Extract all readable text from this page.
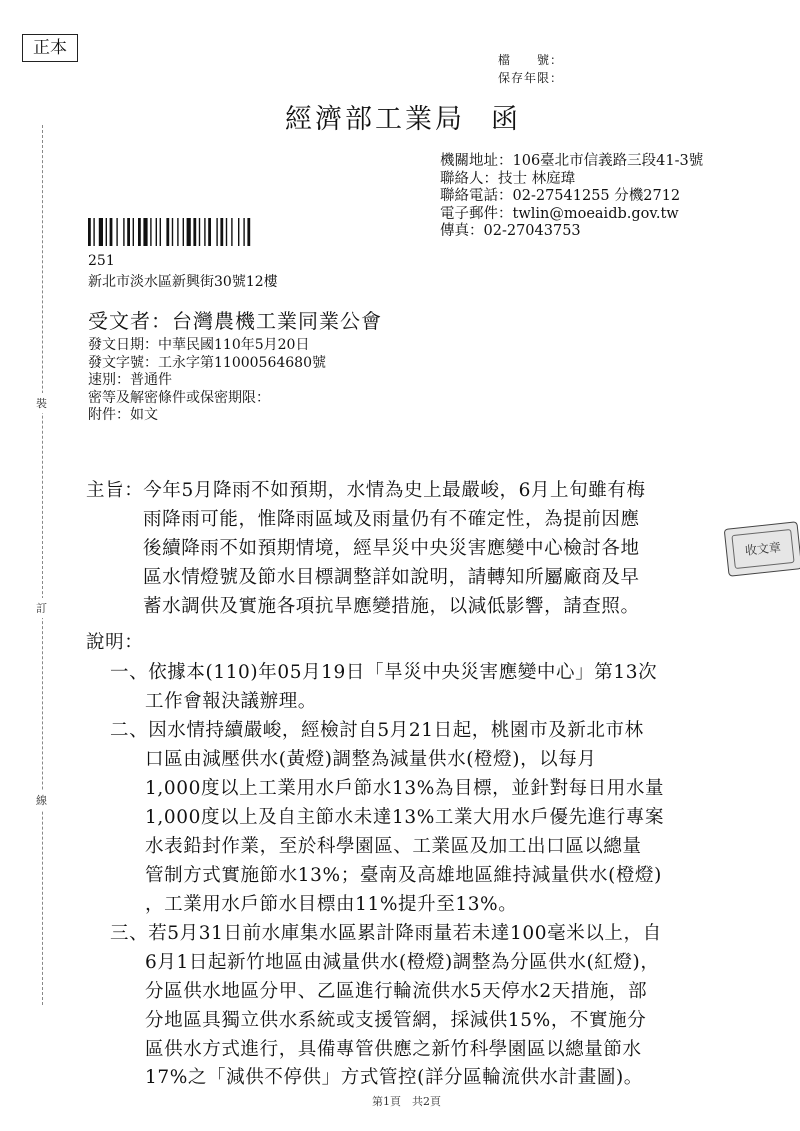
正本
檔　　號：
保存年限：
經濟部工業局 函
機關地址：106臺北市信義路三段41-3號
聯絡人：技士 林庭瑋
聯絡電話：02-27541255 分機2712
電子郵件：twlin@moeaidb.gov.tw
傳真：02-27043753
251
新北市淡水區新興街30號12樓
受文者：台灣農機工業同業公會
發文日期：中華民國110年5月20日
發文字號：工永字第11000564680號
速別：普通件
密等及解密條件或保密期限：
附件：如文
裝
訂
線
主旨：今年5月降雨不如預期，水情為史上最嚴峻，6月上旬雖有梅
雨降雨可能，惟降雨區域及雨量仍有不確定性，為提前因應
後續降雨不如預期情境，經旱災中央災害應變中心檢討各地
區水情燈號及節水目標調整詳如說明，請轉知所屬廠商及早
蓄水調供及實施各項抗旱應變措施，以減低影響，請查照。
說明：
一、依據本(110)年05月19日「旱災中央災害應變中心」第13次
工作會報決議辦理。
二、因水情持續嚴峻，經檢討自5月21日起，桃園市及新北市林
口區由減壓供水(黃燈)調整為減量供水(橙燈)，以每月
1,000度以上工業用水戶節水13%為目標，並針對每日用水量
1,000度以上及自主節水未達13%工業大用水戶優先進行專案
水表鉛封作業，至於科學園區、工業區及加工出口區以總量
管制方式實施節水13%；臺南及高雄地區維持減量供水(橙燈)
，工業用水戶節水目標由11%提升至13%。
三、若5月31日前水庫集水區累計降雨量若未達100毫米以上，自
6月1日起新竹地區由減量供水(橙燈)調整為分區供水(紅燈)，
分區供水地區分甲、乙區進行輪流供水5天停水2天措施，部
分地區具獨立供水系統或支援管網，採減供15%，不實施分
區供水方式進行，具備專管供應之新竹科學園區以總量節水
17%之「減供不停供」方式管控(詳分區輪流供水計畫圖)。
收文章
第1頁　共2頁
